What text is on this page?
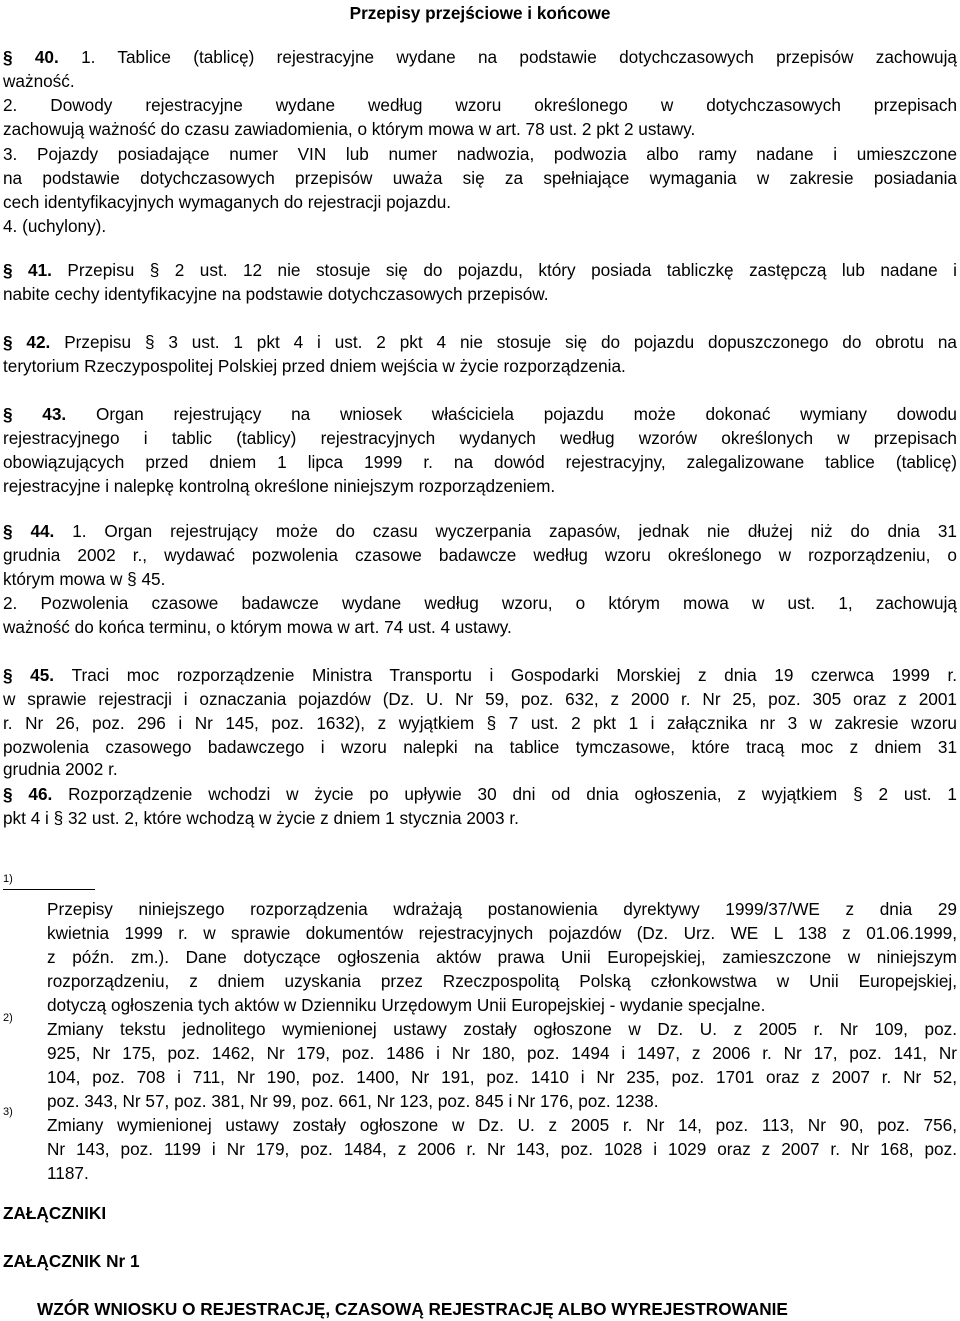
Przepisy przejściowe i końcowe
§ 40. 1. Tablice (tablicę) rejestracyjne wydane na podstawie dotychczasowych przepisów zachowują
ważność.
2. Dowody rejestracyjne wydane według wzoru określonego w dotychczasowych przepisach
zachowują ważność do czasu zawiadomienia, o którym mowa w art. 78 ust. 2 pkt 2 ustawy.
3. Pojazdy posiadające numer VIN lub numer nadwozia, podwozia albo ramy nadane i umieszczone
na podstawie dotychczasowych przepisów uważa się za spełniające wymagania w zakresie posiadania
cech identyfikacyjnych wymaganych do rejestracji pojazdu.
4. (uchylony).
§ 41. Przepisu § 2 ust. 12 nie stosuje się do pojazdu, który posiada tabliczkę zastępczą lub nadane i
nabite cechy identyfikacyjne na podstawie dotychczasowych przepisów.
§ 42. Przepisu § 3 ust. 1 pkt 4 i ust. 2 pkt 4 nie stosuje się do pojazdu dopuszczonego do obrotu na
terytorium Rzeczypospolitej Polskiej przed dniem wejścia w życie rozporządzenia.
§ 43. Organ rejestrujący na wniosek właściciela pojazdu może dokonać wymiany dowodu
rejestracyjnego i tablic (tablicy) rejestracyjnych wydanych według wzorów określonych w przepisach
obowiązujących przed dniem 1 lipca 1999 r. na dowód rejestracyjny, zalegalizowane tablice (tablicę)
rejestracyjne i nalepkę kontrolną określone niniejszym rozporządzeniem.
§ 44. 1. Organ rejestrujący może do czasu wyczerpania zapasów, jednak nie dłużej niż do dnia 31
grudnia 2002 r., wydawać pozwolenia czasowe badawcze według wzoru określonego w rozporządzeniu, o
którym mowa w § 45.
2. Pozwolenia czasowe badawcze wydane według wzoru, o którym mowa w ust. 1, zachowują
ważność do końca terminu, o którym mowa w art. 74 ust. 4 ustawy.
§ 45. Traci moc rozporządzenie Ministra Transportu i Gospodarki Morskiej z dnia 19 czerwca 1999 r.
w sprawie rejestracji i oznaczania pojazdów (Dz. U. Nr 59, poz. 632, z 2000 r. Nr 25, poz. 305 oraz z 2001
r. Nr 26, poz. 296 i Nr 145, poz. 1632), z wyjątkiem § 7 ust. 2 pkt 1 i załącznika nr 3 w zakresie wzoru
pozwolenia czasowego badawczego i wzoru nalepki na tablice tymczasowe, które tracą moc z dniem 31
grudnia 2002 r.
§ 46. Rozporządzenie wchodzi w życie po upływie 30 dni od dnia ogłoszenia, z wyjątkiem § 2 ust. 1
pkt 4 i § 32 ust. 2, które wchodzą w życie z dniem 1 stycznia 2003 r.
1)
2)
3)
Przepisy niniejszego rozporządzenia wdrażają postanowienia dyrektywy 1999/37/WE z dnia 29
kwietnia 1999 r. w sprawie dokumentów rejestracyjnych pojazdów (Dz. Urz. WE L 138 z 01.06.1999,
z późn. zm.). Dane dotyczące ogłoszenia aktów prawa Unii Europejskiej, zamieszczone w niniejszym
rozporządzeniu, z dniem uzyskania przez Rzeczpospolitą Polską członkowstwa w Unii Europejskiej,
dotyczą ogłoszenia tych aktów w Dzienniku Urzędowym Unii Europejskiej - wydanie specjalne.
Zmiany tekstu jednolitego wymienionej ustawy zostały ogłoszone w Dz. U. z 2005 r. Nr 109, poz.
925, Nr 175, poz. 1462, Nr 179, poz. 1486 i Nr 180, poz. 1494 i 1497, z 2006 r. Nr 17, poz. 141, Nr
104, poz. 708 i 711, Nr 190, poz. 1400, Nr 191, poz. 1410 i Nr 235, poz. 1701 oraz z 2007 r. Nr 52,
poz. 343, Nr 57, poz. 381, Nr 99, poz. 661, Nr 123, poz. 845 i Nr 176, poz. 1238.
Zmiany wymienionej ustawy zostały ogłoszone w Dz. U. z 2005 r. Nr 14, poz. 113, Nr 90, poz. 756,
Nr 143, poz. 1199 i Nr 179, poz. 1484, z 2006 r. Nr 143, poz. 1028 i 1029 oraz z 2007 r. Nr 168, poz.
1187.
ZAŁĄCZNIKI
ZAŁĄCZNIK Nr 1
WZÓR WNIOSKU O REJESTRACJĘ, CZASOWĄ REJESTRACJĘ ALBO WYREJESTROWANIE
